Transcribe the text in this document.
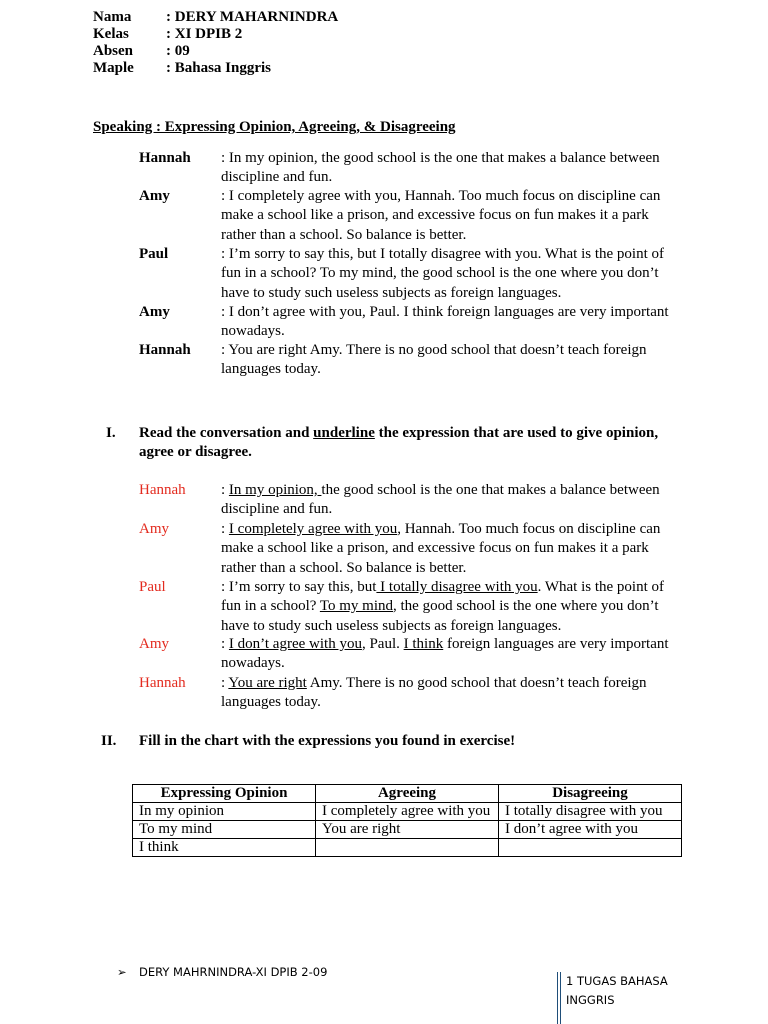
Nama : DERY MAHARNINDRA
Kelas : XI DPIB 2
Absen : 09
Maple : Bahasa Inggris
Speaking : Expressing Opinion, Agreeing, & Disagreeing
Hannah	: In my opinion, the good school is the one that makes a balance between discipline and fun.
Amy	: I completely agree with you, Hannah. Too much focus on discipline can make a school like a prison, and excessive focus on fun makes it a park rather than a school. So balance is better.
Paul	: I’m sorry to say this, but I totally disagree with you. What is the point of fun in a school? To my mind, the good school is the one where you don’t have to study such useless subjects as foreign languages.
Amy	: I don’t agree with you, Paul. I think foreign languages are very important nowadays.
Hannah	: You are right Amy. There is no good school that doesn’t teach foreign languages today.
I. Read the conversation and underline the expression that are used to give opinion, agree or disagree.
Hannah	: In my opinion, the good school is the one that makes a balance between discipline and fun.
Amy	: I completely agree with you, Hannah. Too much focus on discipline can make a school like a prison, and excessive focus on fun makes it a park rather than a school. So balance is better.
Paul	: I’m sorry to say this, but I totally disagree with you. What is the point of fun in a school? To my mind, the good school is the one where you don’t have to study such useless subjects as foreign languages.
Amy	: I don’t agree with you, Paul. I think foreign languages are very important nowadays.
Hannah	: You are right Amy. There is no good school that doesn’t teach foreign languages today.
II. Fill in the chart with the expressions you found in exercise!
Expressing Opinion	Agreeing	Disagreeing
In my opinion	I completely agree with you	I totally disagree with you
To my mind	You are right	I don’t agree with you
I think		
➢ DERY MAHRNINDRA-XI DPIB 2-09
1 TUGAS BAHASA INGGRIS
